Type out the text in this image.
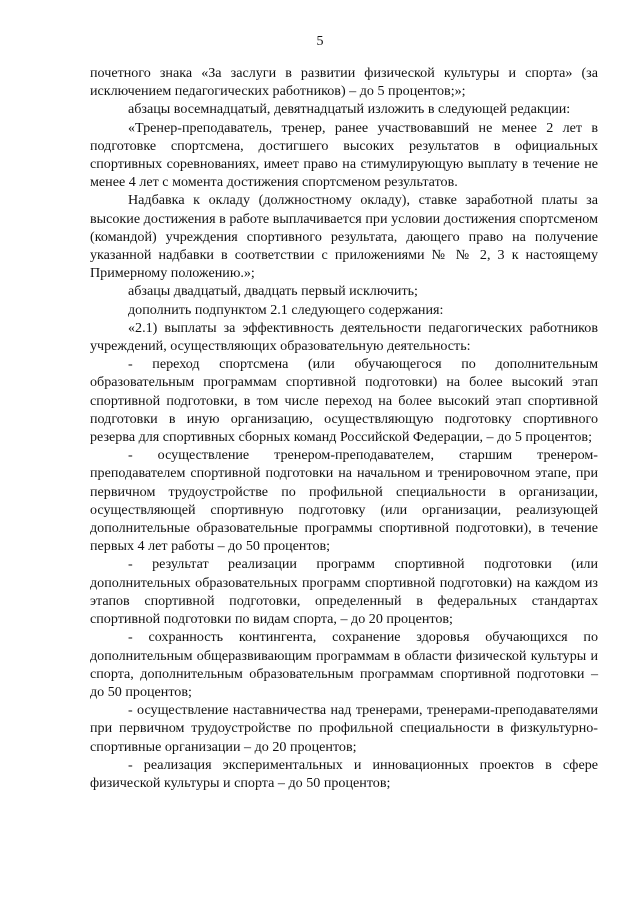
5

почетного знака «За заслуги в развитии физической культуры и спорта» (за исключением педагогических работников) – до 5 процентов;»;

абзацы восемнадцатый, девятнадцатый изложить в следующей редакции:

«Тренер-преподаватель, тренер, ранее участвовавший не менее 2 лет в подготовке спортсмена, достигшего высоких результатов в официальных спортивных соревнованиях, имеет право на стимулирующую выплату в течение не менее 4 лет с момента достижения спортсменом результатов.

Надбавка к окладу (должностному окладу), ставке заработной платы за высокие достижения в работе выплачивается при условии достижения спортсменом (командой) учреждения спортивного результата, дающего право на получение указанной надбавки в соответствии с приложениями № № 2, 3 к настоящему Примерному положению.»;

абзацы двадцатый, двадцать первый исключить;

дополнить подпунктом 2.1 следующего содержания:

«2.1) выплаты за эффективность деятельности педагогических работников учреждений, осуществляющих образовательную деятельность:

- переход спортсмена (или обучающегося по дополнительным образовательным программам спортивной подготовки) на более высокий этап спортивной подготовки, в том числе переход на более высокий этап спортивной подготовки в иную организацию, осуществляющую подготовку спортивного резерва для спортивных сборных команд Российской Федерации, – до 5 процентов;

- осуществление тренером-преподавателем, старшим тренером-преподавателем спортивной подготовки на начальном и тренировочном этапе, при первичном трудоустройстве по профильной специальности в организации, осуществляющей спортивную подготовку (или организации, реализующей дополнительные образовательные программы спортивной подготовки), в течение первых 4 лет работы – до 50 процентов;

- результат реализации программ спортивной подготовки (или дополнительных образовательных программ спортивной подготовки) на каждом из этапов спортивной подготовки, определенный в федеральных стандартах спортивной подготовки по видам спорта, – до 20 процентов;

- сохранность контингента, сохранение здоровья обучающихся по дополнительным общеразвивающим программам в области физической культуры и спорта, дополнительным образовательным программам спортивной подготовки – до 50 процентов;

- осуществление наставничества над тренерами, тренерами-преподавателями при первичном трудоустройстве по профильной специальности в физкультурно-спортивные организации – до 20 процентов;

- реализация экспериментальных и инновационных проектов в сфере физической культуры и спорта – до 50 процентов;
